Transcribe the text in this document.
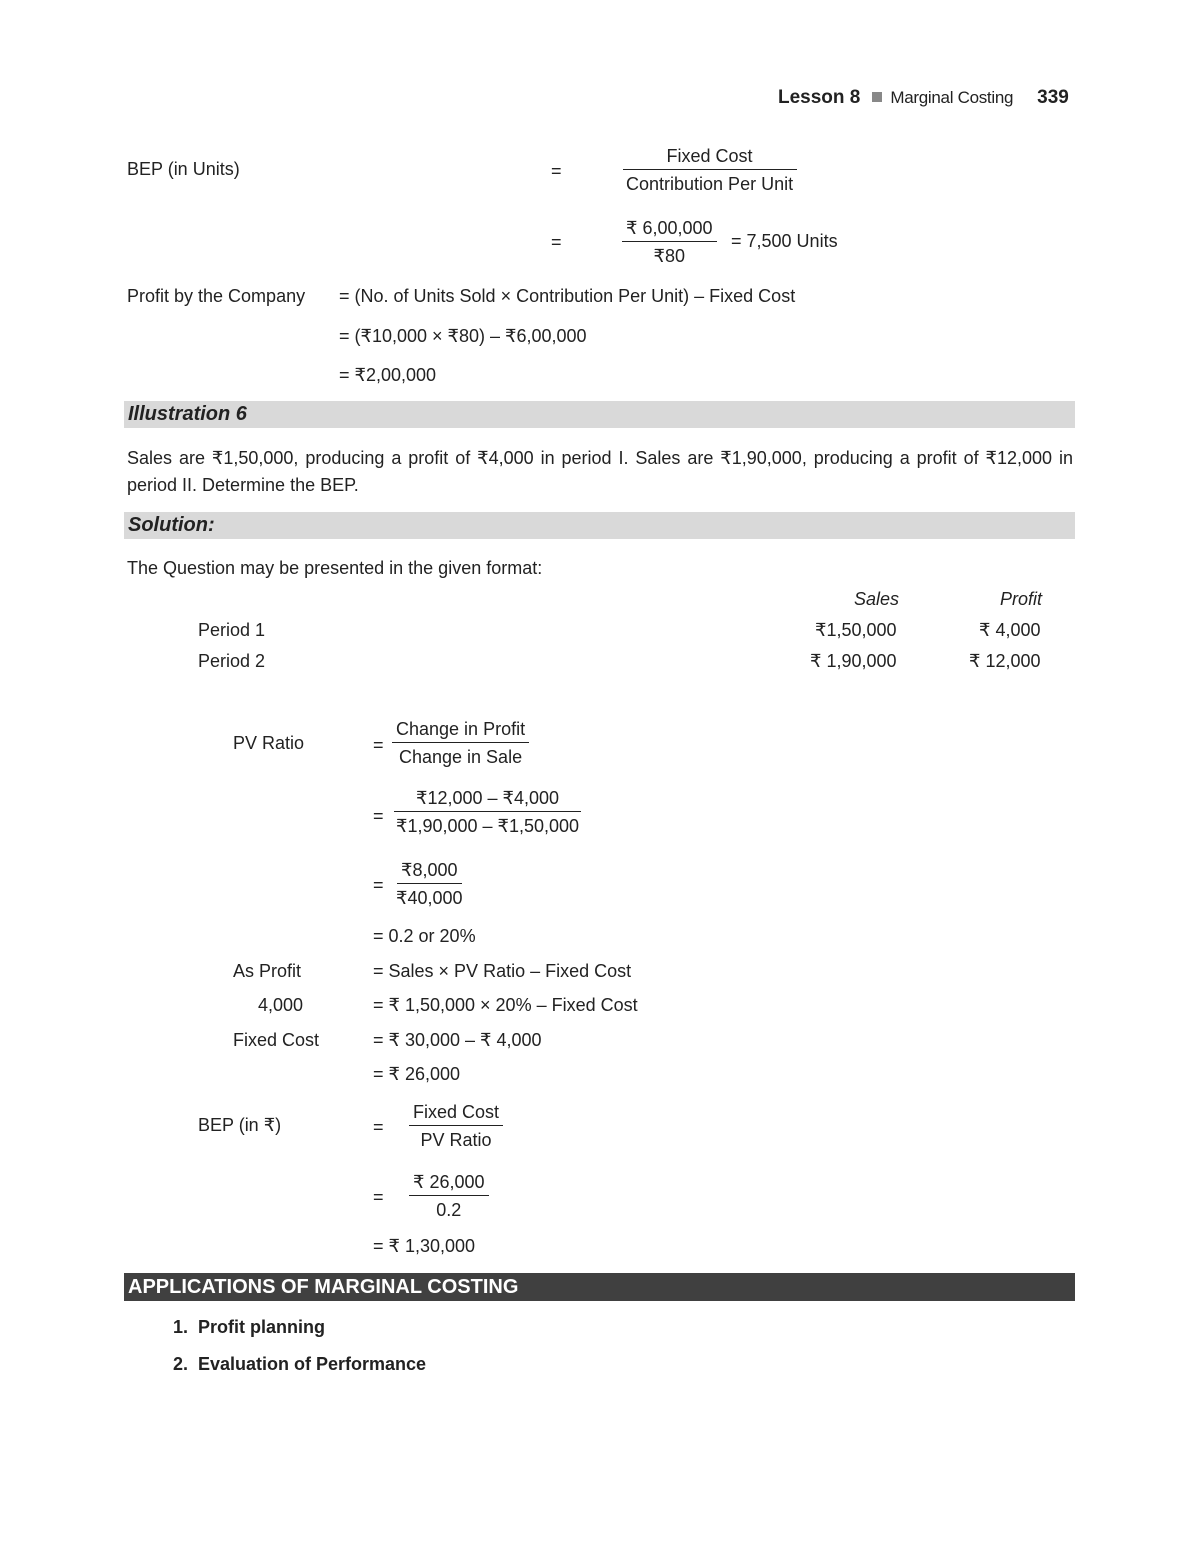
Lesson 8 Marginal Costing 339
BEP (in Units)	=
Fixed Cost
Contribution Per Unit
=	$\frac{₹ 6,00,000}{₹80} = 7,500$ Units
Profit by the Company = (No. of Units Sold × Contribution Per Unit) – Fixed Cost
= (₹10,000 × ₹80) – ₹6,00,000
= ₹2,00,000
Illustration 6
Sales are ₹1,50,000, producing a profit of ₹4,000 in period I. Sales are ₹1,90,000, producing a profit of ₹12,000 in period II. Determine the BEP.
Solution:
The Question may be presented in the given format:
Sales	Profit
Period 1	₹1,50,000	₹ 4,000
Period 2	₹ 1,90,000	₹ 12,000
PV Ratio	=
Change in Profit
Change in Sale
= $\frac{₹12,000 - ₹4,000}{₹1,90,000 - ₹1,50,000}$
= $\frac{₹8,000}{₹40,000}$
= 0.2 or 20%
As Profit	= Sales × PV Ratio – Fixed Cost
4,000	= ₹ 1,50,000 × 20% – Fixed Cost
Fixed Cost	= ₹ 30,000 – ₹ 4,000
= ₹ 26,000
BEP (in ₹)	=
Fixed Cost
PV Ratio
= $\frac{₹ 26,000}{0.2}$
= ₹ 1,30,000
APPLICATIONS OF MARGINAL COSTING
1.  Profit planning
2.  Evaluation of Performance
